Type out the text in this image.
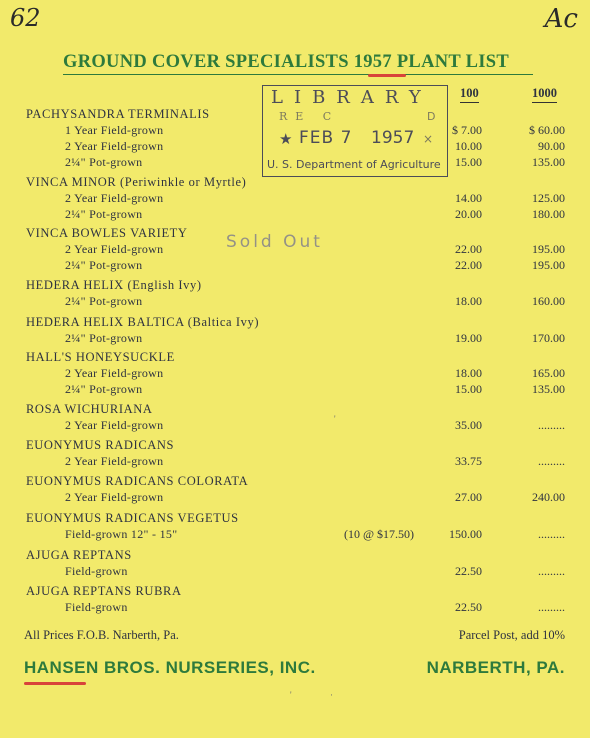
62	Ac
GROUND COVER SPECIALISTS 1957 PLANT LIST
100	1000
LIBRARY
RE C	D
★ FEB 7 1957 ×
U. S. Department of Agriculture
Sold Out
'
'	·
PACHYSANDRA TERMINALIS
1 Year Field-grown	$ 7.00	$ 60.00
2 Year Field-grown	10.00	90.00
2¼" Pot-grown	15.00	135.00
VINCA MINOR (Periwinkle or Myrtle)
2 Year Field-grown	14.00	125.00
2¼" Pot-grown	20.00	180.00
VINCA BOWLES VARIETY
2 Year Field-grown	22.00	195.00
2¼" Pot-grown	22.00	195.00
HEDERA HELIX (English Ivy)
2¼" Pot-grown	18.00	160.00
HEDERA HELIX BALTICA (Baltica Ivy)
2¼" Pot-grown	19.00	170.00
HALL'S HONEYSUCKLE
2 Year Field-grown	18.00	165.00
2¼" Pot-grown	15.00	135.00
ROSA WICHURIANA
2 Year Field-grown	35.00	.........
EUONYMUS RADICANS
2 Year Field-grown	33.75	.........
EUONYMUS RADICANS COLORATA
2 Year Field-grown	27.00	240.00
EUONYMUS RADICANS VEGETUS
Field-grown 12" - 15"	(10 @ $17.50)	150.00	.........
AJUGA REPTANS
Field-grown	22.50	.........
AJUGA REPTANS RUBRA
Field-grown	22.50	.........
All Prices F.O.B. Narberth, Pa.	Parcel Post, add 10%
HANSEN BROS. NURSERIES, INC.	NARBERTH, PA.
